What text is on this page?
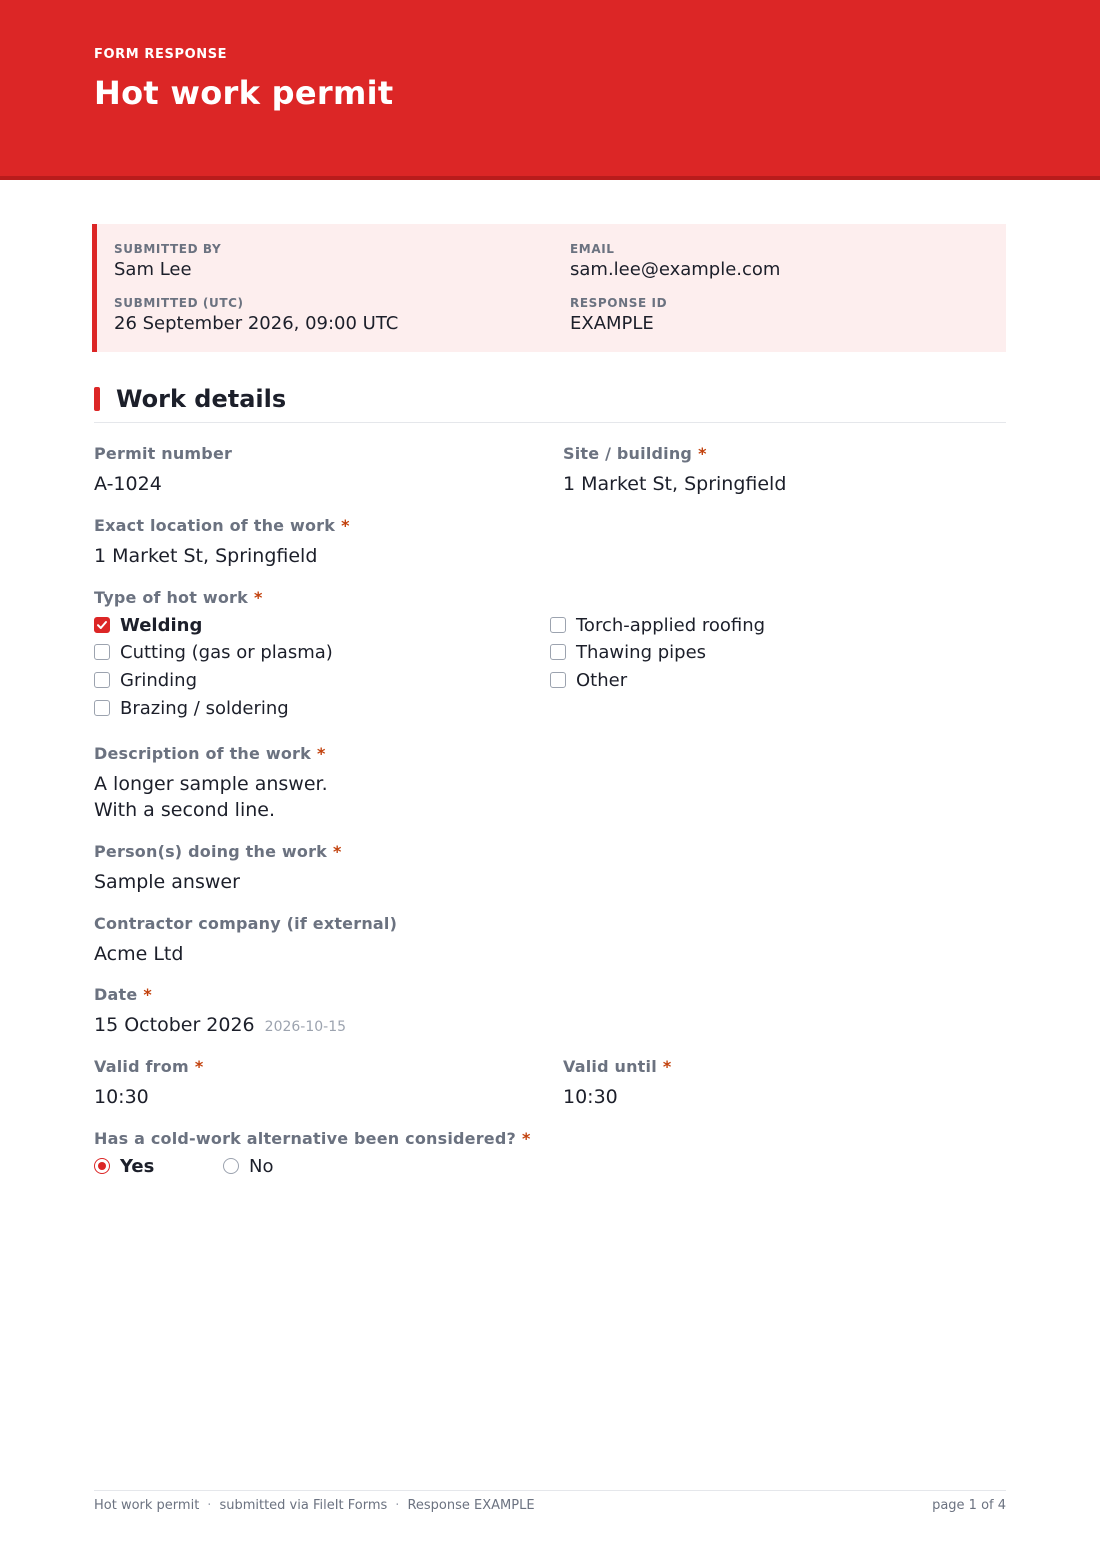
FORM RESPONSE
Hot work permit
SUBMITTED BY
Sam Lee
EMAIL
sam.lee@example.com
SUBMITTED (UTC)
26 September 2026, 09:00 UTC
RESPONSE ID
EXAMPLE
Work details
Permit number
A-1024
Site / building *
1 Market St, Springfield
Exact location of the work *
1 Market St, Springfield
Type of hot work *
Welding
Cutting (gas or plasma)
Grinding
Brazing / soldering
Torch-applied roofing
Thawing pipes
Other
Description of the work *
A longer sample answer.
With a second line.
Person(s) doing the work *
Sample answer
Contractor company (if external)
Acme Ltd
Date *
15 October 2026 2026-10-15
Valid from *
10:30
Valid until *
10:30
Has a cold-work alternative been considered? *
Yes	No
Hot work permit · submitted via FileIt Forms · Response EXAMPLE	page 1 of 4
